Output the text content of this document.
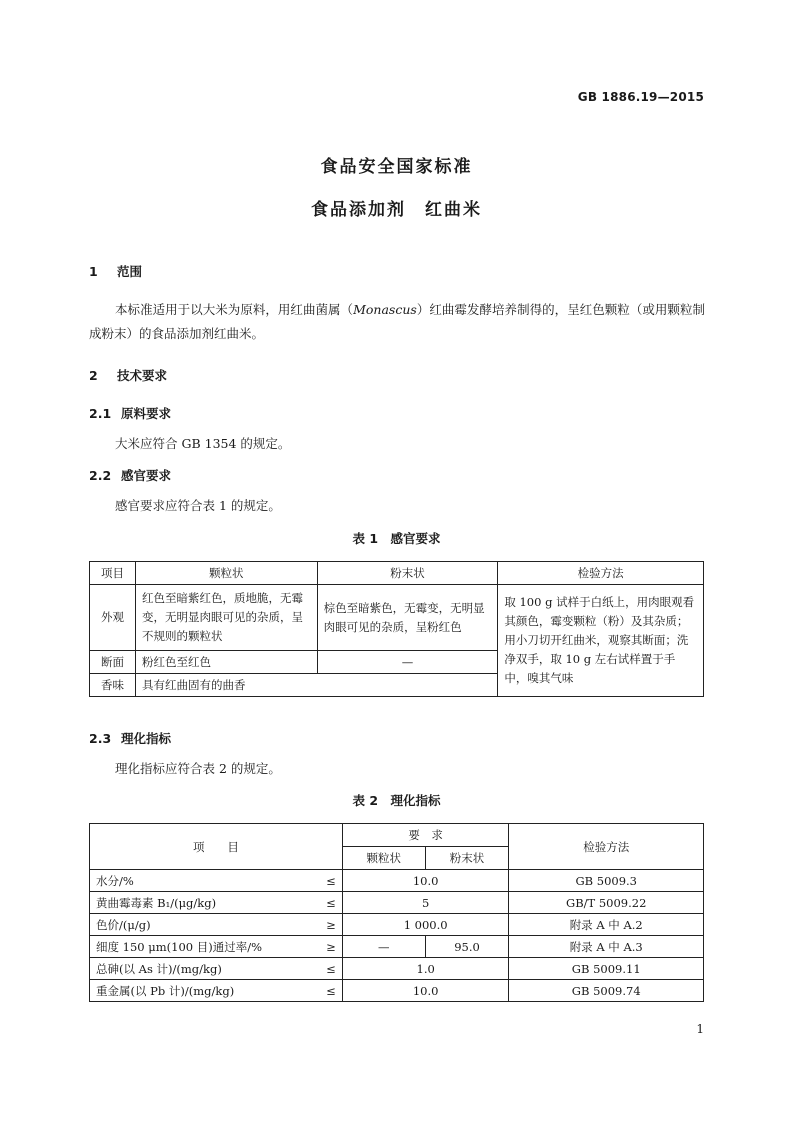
GB 1886.19—2015
食品安全国家标准
食品添加剂　红曲米
1 范围
本标准适用于以大米为原料，用红曲菌属（Monascus）红曲霉发酵培养制得的，呈红色颗粒（或用颗粒制成粉末）的食品添加剂红曲米。
2 技术要求
2.1 原料要求
大米应符合 GB 1354 的规定。
2.2 感官要求
感官要求应符合表 1 的规定。
表 1　感官要求
项目	颗粒状	粉末状	检验方法
外观	红色至暗紫红色，质地脆，无霉变，无明显肉眼可见的杂质，呈不规则的颗粒状	棕色至暗紫色，无霉变，无明显肉眼可见的杂质，呈粉红色	取 100 g 试样于白纸上，用肉眼观看其颜色，霉变颗粒（粉）及其杂质；用小刀切开红曲米，观察其断面；洗净双手，取 10 g 左右试样置于手中，嗅其气味
断面	粉红色至红色	—	
香味	具有红曲固有的曲香		
2.3 理化指标
理化指标应符合表 2 的规定。
表 2　理化指标
项　　目		要　求		检验方法
		颗粒状	粉末状	
水分/%	≤	10.0		GB 5009.3
黄曲霉毒素 B₁/(μg/kg)	≤	5		GB/T 5009.22
色价/(μ/g)	≥	1 000.0		附录 A 中 A.2
细度 150 μm(100 目)通过率/%	≥	—	95.0	附录 A 中 A.3
总砷(以 As 计)/(mg/kg)	≤	1.0		GB 5009.11
重金属(以 Pb 计)/(mg/kg)	≤	10.0		GB 5009.74
1
